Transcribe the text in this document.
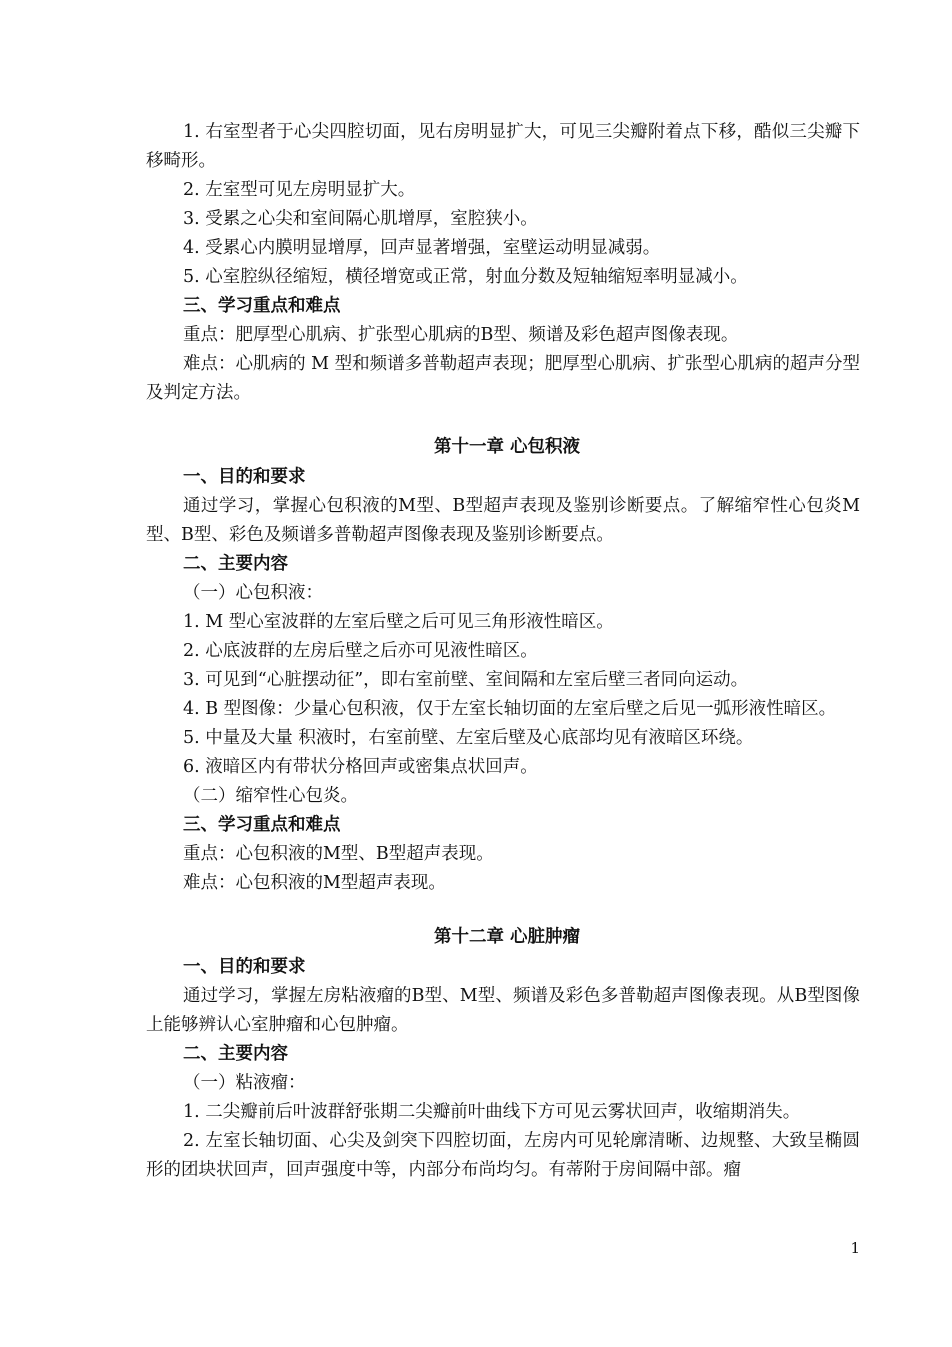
1. 右室型者于心尖四腔切面，见右房明显扩大，可见三尖瓣附着点下移，酷似三尖瓣下移畸形。

2. 左室型可见左房明显扩大。

3. 受累之心尖和室间隔心肌增厚，室腔狭小。

4. 受累心内膜明显增厚，回声显著增强，室壁运动明显减弱。

5. 心室腔纵径缩短，横径增宽或正常，射血分数及短轴缩短率明显减小。

三、学习重点和难点

重点：肥厚型心肌病、扩张型心肌病的B型、频谱及彩色超声图像表现。

难点：心肌病的 M 型和频谱多普勒超声表现；肥厚型心肌病、扩张型心肌病的超声分型及判定方法。

第十一章 心包积液
一、目的和要求

通过学习，掌握心包积液的M型、B型超声表现及鉴别诊断要点。了解缩窄性心包炎M型、B型、彩色及频谱多普勒超声图像表现及鉴别诊断要点。

二、主要内容

（一）心包积液：

1. M 型心室波群的左室后壁之后可见三角形液性暗区。

2. 心底波群的左房后壁之后亦可见液性暗区。

3. 可见到“心脏摆动征”，即右室前壁、室间隔和左室后壁三者同向运动。

4. B 型图像：少量心包积液，仅于左室长轴切面的左室后壁之后见一弧形液性暗区。

5. 中量及大量 积液时，右室前壁、左室后壁及心底部均见有液暗区环绕。

6. 液暗区内有带状分格回声或密集点状回声。

（二）缩窄性心包炎。

三、学习重点和难点

重点：心包积液的M型、B型超声表现。

难点：心包积液的M型超声表现。

第十二章 心脏肿瘤
一、目的和要求

通过学习，掌握左房粘液瘤的B型、M型、频谱及彩色多普勒超声图像表现。从B型图像上能够辨认心室肿瘤和心包肿瘤。

二、主要内容

（一）粘液瘤：

1. 二尖瓣前后叶波群舒张期二尖瓣前叶曲线下方可见云雾状回声，收缩期消失。

2. 左室长轴切面、心尖及剑突下四腔切面，左房内可见轮廓清晰、边规整、大致呈椭圆形的团块状回声，回声强度中等，内部分布尚均匀。有蒂附于房间隔中部。瘤

1
